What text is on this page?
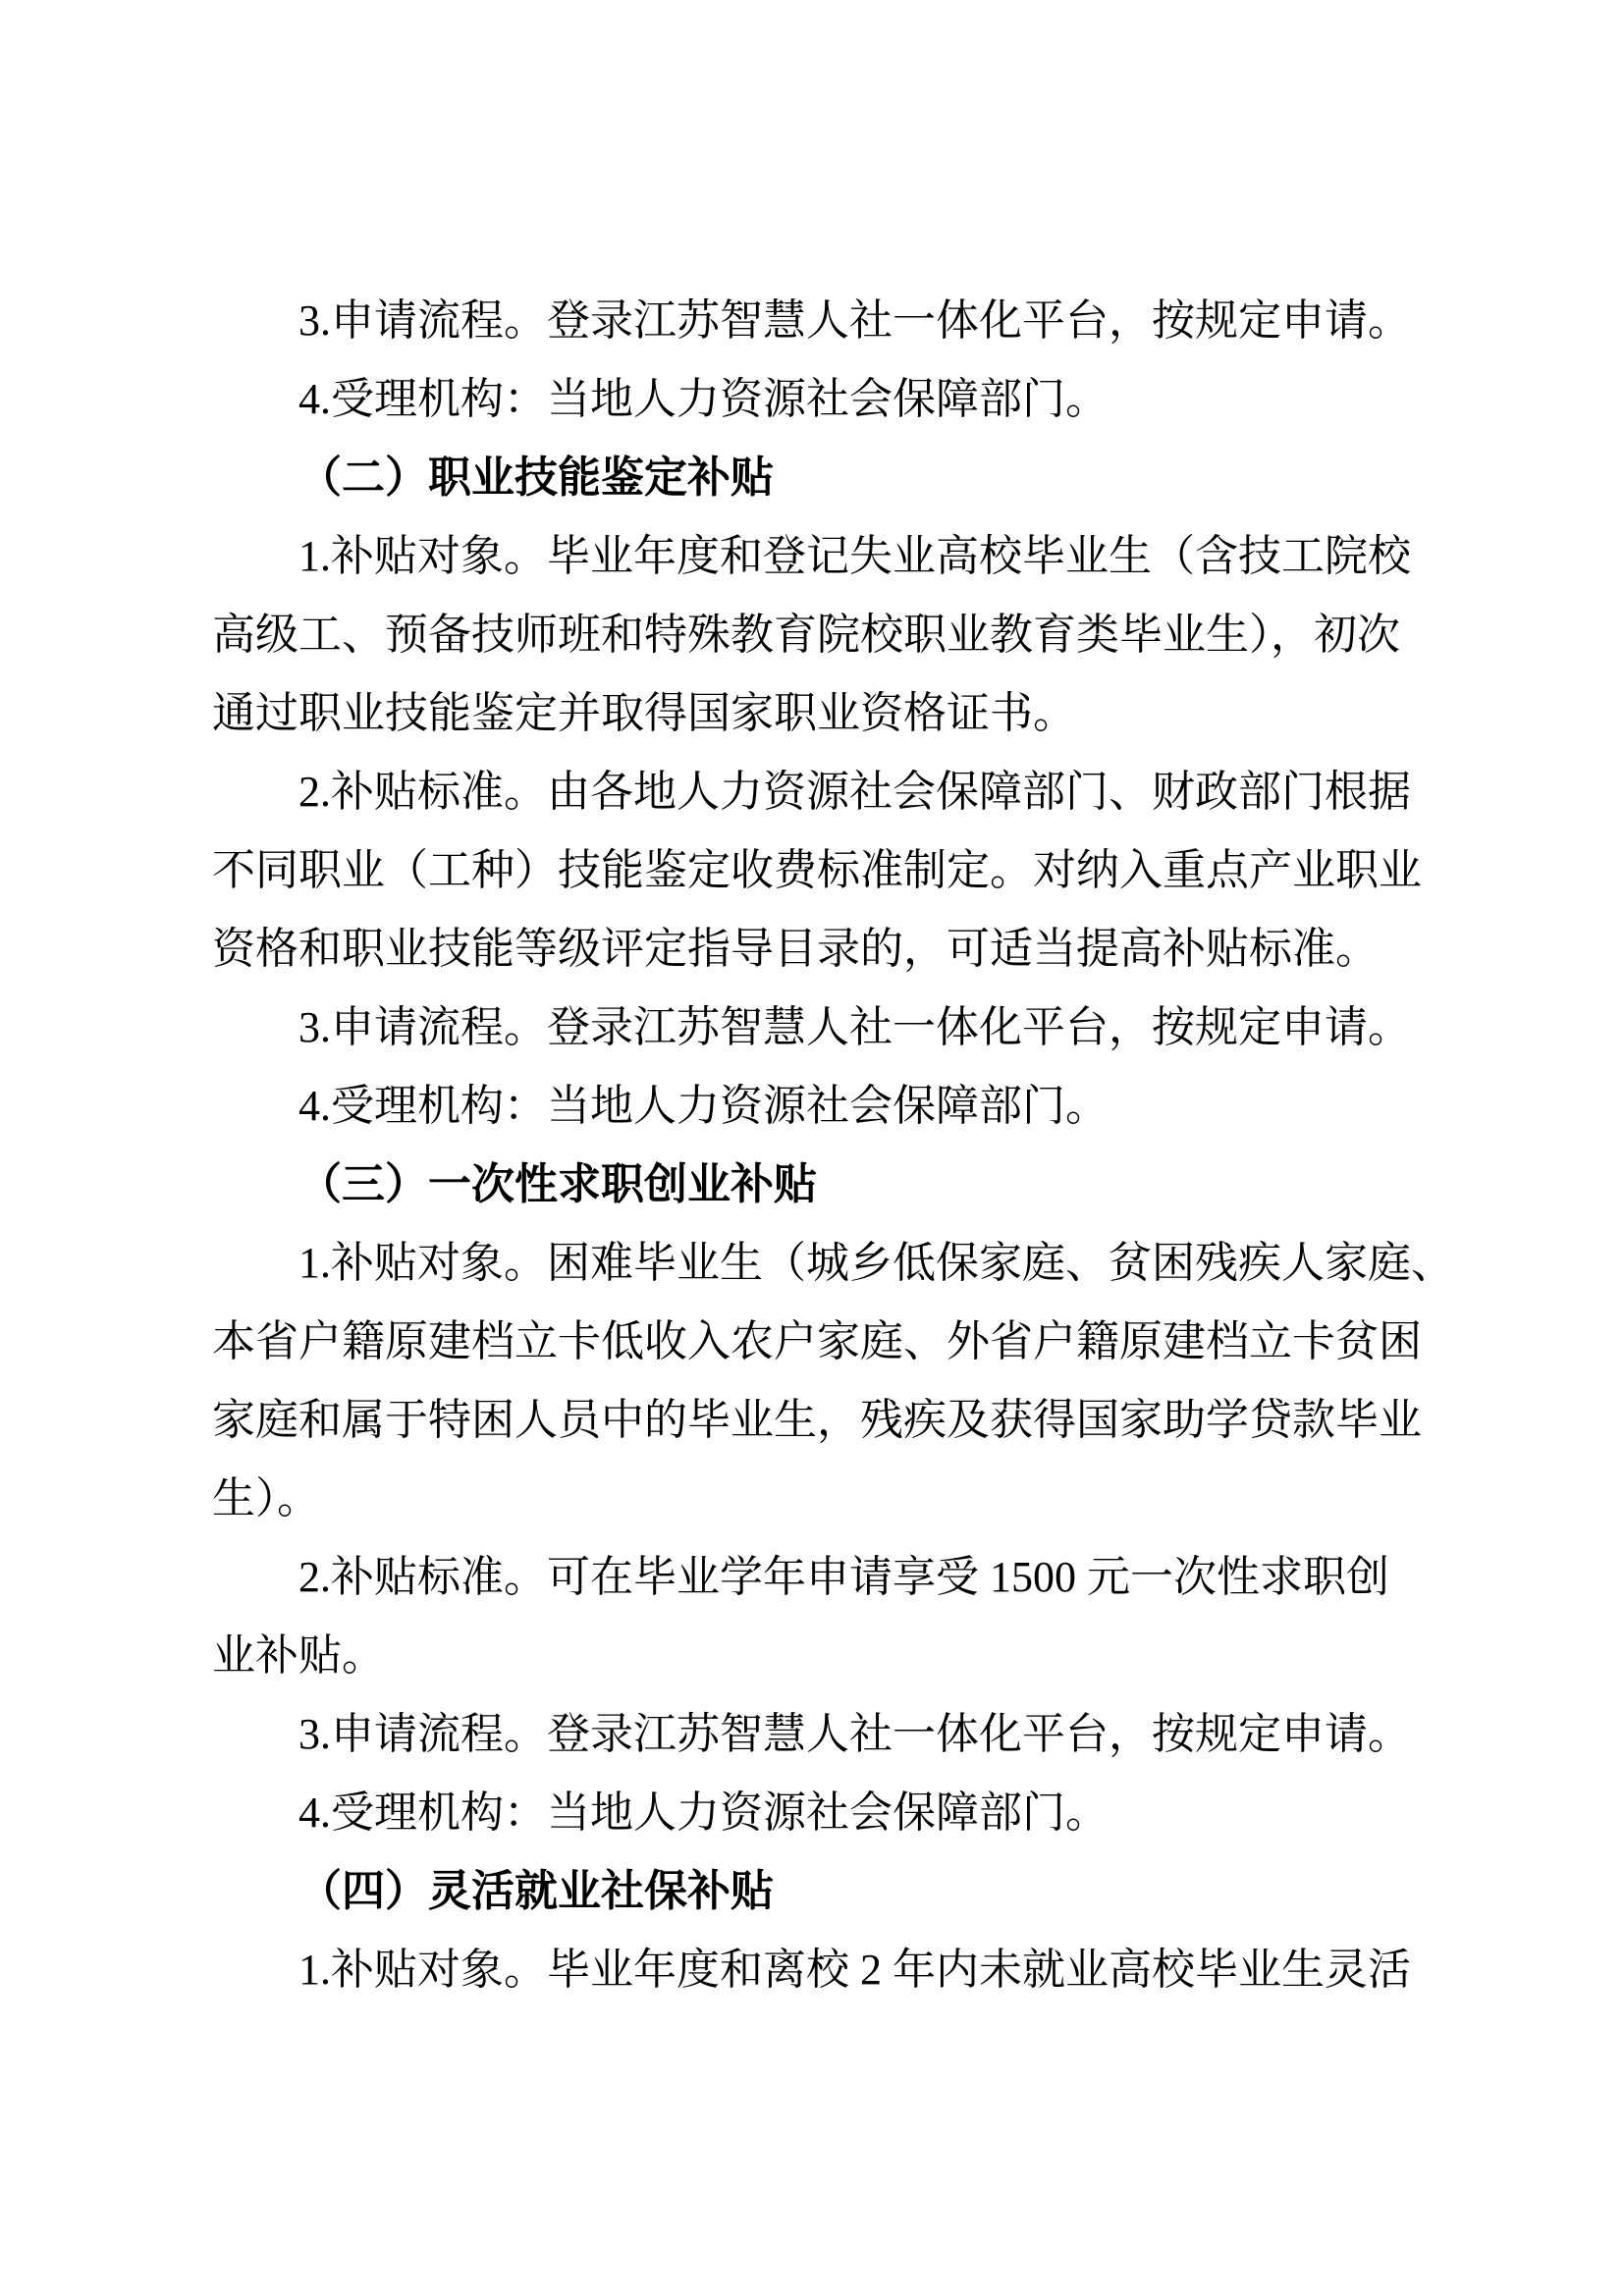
3.申请流程。登录江苏智慧人社一体化平台，按规定申请。
4.受理机构：当地人力资源社会保障部门。
（二）职业技能鉴定补贴
1.补贴对象。毕业年度和登记失业高校毕业生（含技工院校
高级工、预备技师班和特殊教育院校职业教育类毕业生），初次
通过职业技能鉴定并取得国家职业资格证书。
2.补贴标准。由各地人力资源社会保障部门、财政部门根据
不同职业（工种）技能鉴定收费标准制定。对纳入重点产业职业
资格和职业技能等级评定指导目录的，可适当提高补贴标准。
3.申请流程。登录江苏智慧人社一体化平台，按规定申请。
4.受理机构：当地人力资源社会保障部门。
（三）一次性求职创业补贴
1.补贴对象。困难毕业生（城乡低保家庭、贫困残疾人家庭、
本省户籍原建档立卡低收入农户家庭、外省户籍原建档立卡贫困
家庭和属于特困人员中的毕业生，残疾及获得国家助学贷款毕业
生）。
2.补贴标准。可在毕业学年申请享受 1500 元一次性求职创
业补贴。
3.申请流程。登录江苏智慧人社一体化平台，按规定申请。
4.受理机构：当地人力资源社会保障部门。
（四）灵活就业社保补贴
1.补贴对象。毕业年度和离校 2 年内未就业高校毕业生灵活
